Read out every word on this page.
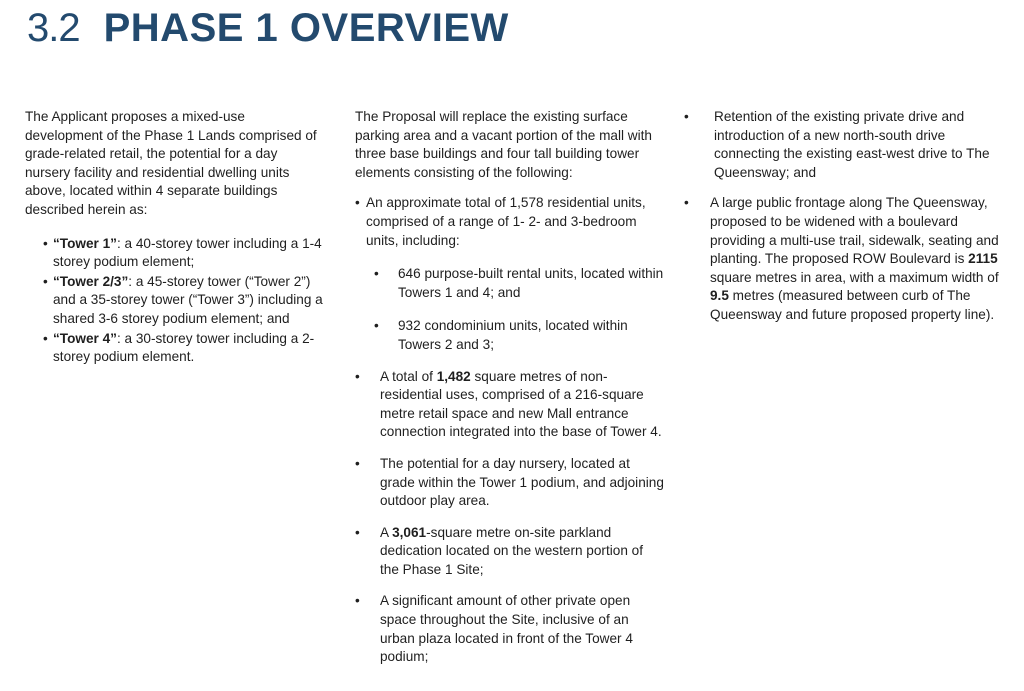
3.2 PHASE 1 OVERVIEW

The Applicant proposes a mixed-use development of the Phase 1 Lands comprised of grade-related retail, the potential for a day nursery facility and residential dwelling units above, located within 4 separate buildings described herein as:

• “Tower 1”: a 40-storey tower including a 1-4 storey podium element;
• “Tower 2/3”: a 45-storey tower (“Tower 2”) and a 35-storey tower (“Tower 3”) including a shared 3-6 storey podium element; and
• “Tower 4”: a 30-storey tower including a 2-storey podium element.

The Proposal will replace the existing surface parking area and a vacant portion of the mall with three base buildings and four tall building tower elements consisting of the following:

• An approximate total of 1,578 residential units, comprised of a range of 1- 2- and 3-bedroom units, including:
• 646 purpose-built rental units, located within Towers 1 and 4; and
• 932 condominium units, located within Towers 2 and 3;
• A total of 1,482 square metres of non-residential uses, comprised of a 216-square metre retail space and new Mall entrance connection integrated into the base of Tower 4.
• The potential for a day nursery, located at grade within the Tower 1 podium, and adjoining outdoor play area.
• A 3,061-square metre on-site parkland dedication located on the western portion of the Phase 1 Site;
• A significant amount of other private open space throughout the Site, inclusive of an urban plaza located in front of the Tower 4 podium;
• Retention of the existing private drive and introduction of a new north-south drive connecting the existing east-west drive to The Queensway; and
• A large public frontage along The Queensway, proposed to be widened with a boulevard providing a multi-use trail, sidewalk, seating and planting. The proposed ROW Boulevard is 2115 square metres in area, with a maximum width of 9.5 metres (measured between curb of The Queensway and future proposed property line).
